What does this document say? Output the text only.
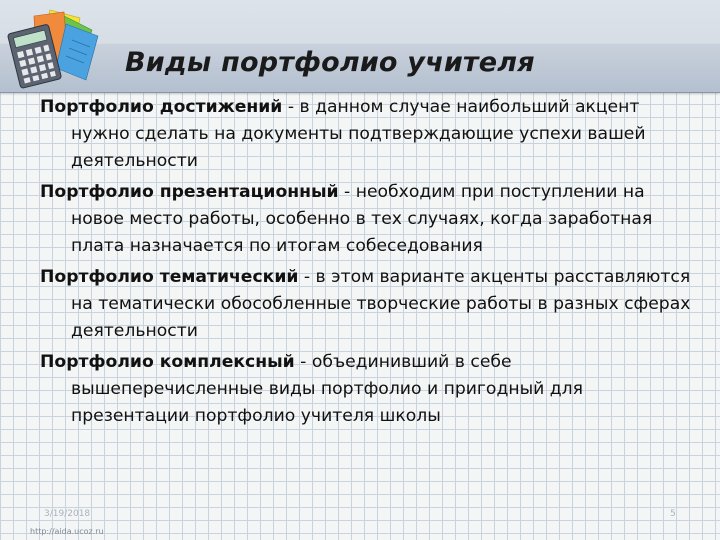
Виды портфолио учителя

Портфолио достижений - в данном случае наибольший акцент нужно сделать на документы подтверждающие успехи вашей деятельности

Портфолио презентационный - необходим при поступлении на новое место работы, особенно в тех случаях, когда заработная плата назначается по итогам собеседования

Портфолио тематический - в этом варианте акценты расставляются на тематически обособленные творческие работы в разных сферах деятельности

Портфолио комплексный - объединивший в себе вышеперечисленные виды портфолио и пригодный для презентации портфолио учителя школы

3/19/2018	5
http://aida.ucoz.ru
